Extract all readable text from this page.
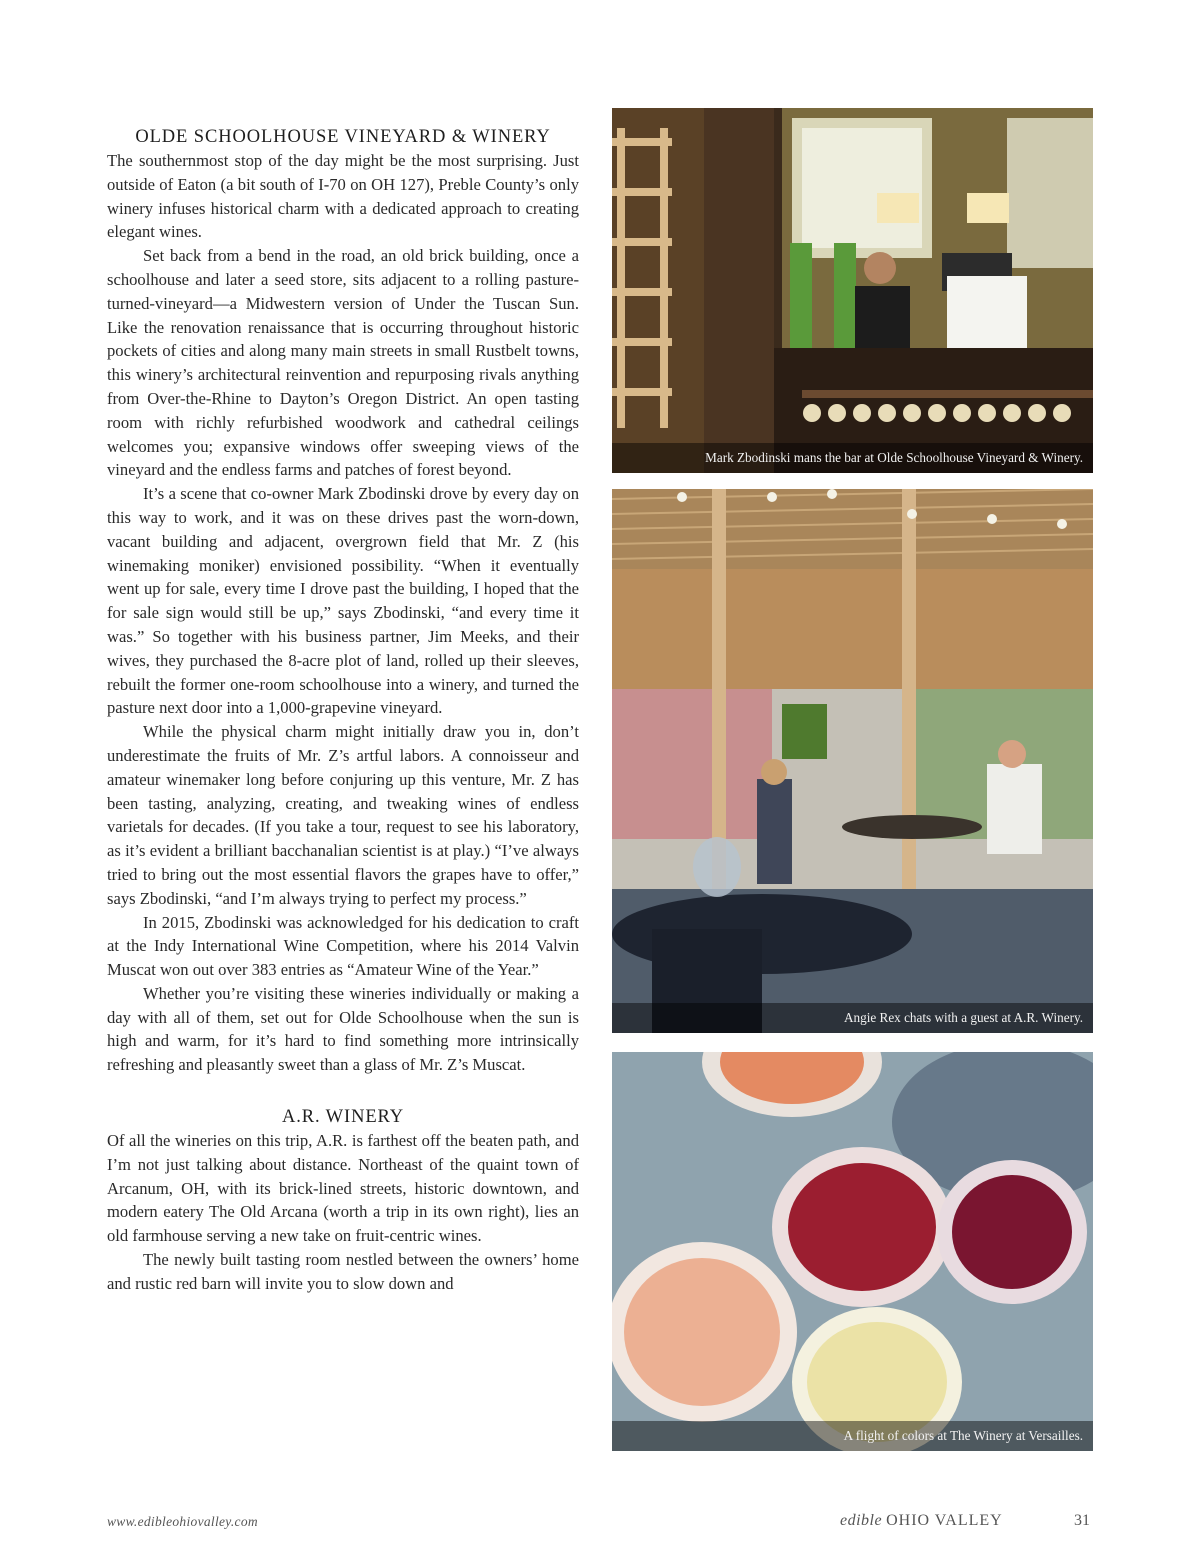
OLDE SCHOOLHOUSE VINEYARD & WINERY

The southernmost stop of the day might be the most surprising. Just outside of Eaton (a bit south of I-70 on OH 127), Preble County’s only winery infuses historical charm with a dedicated approach to creating elegant wines.

Set back from a bend in the road, an old brick building, once a schoolhouse and later a seed store, sits adjacent to a rolling pasture-turned-vineyard—a Midwestern version of Under the Tuscan Sun. Like the renovation renaissance that is occurring throughout historic pockets of cities and along many main streets in small Rustbelt towns, this winery’s architectural reinvention and repurposing rivals anything from Over-the-Rhine to Dayton’s Oregon District. An open tasting room with richly refurbished woodwork and cathedral ceilings welcomes you; expansive windows offer sweeping views of the vineyard and the endless farms and patches of forest beyond.

It’s a scene that co-owner Mark Zbodinski drove by every day on this way to work, and it was on these drives past the worn-down, vacant building and adjacent, overgrown field that Mr. Z (his winemaking moniker) envisioned possibility. “When it eventually went up for sale, every time I drove past the building, I hoped that the for sale sign would still be up,” says Zbodinski, “and every time it was.” So together with his business partner, Jim Meeks, and their wives, they purchased the 8-acre plot of land, rolled up their sleeves, rebuilt the former one-room schoolhouse into a winery, and turned the pasture next door into a 1,000-grapevine vineyard.

While the physical charm might initially draw you in, don’t underestimate the fruits of Mr. Z’s artful labors. A connoisseur and amateur winemaker long before conjuring up this venture, Mr. Z has been tasting, analyzing, creating, and tweaking wines of endless varietals for decades. (If you take a tour, request to see his laboratory, as it’s evident a brilliant bacchanalian scientist is at play.) “I’ve always tried to bring out the most essential flavors the grapes have to offer,” says Zbodinski, “and I’m always trying to perfect my process.”

In 2015, Zbodinski was acknowledged for his dedication to craft at the Indy International Wine Competition, where his 2014 Valvin Muscat won out over 383 entries as “Amateur Wine of the Year.”

Whether you’re visiting these wineries individually or making a day with all of them, set out for Olde Schoolhouse when the sun is high and warm, for it’s hard to find something more intrinsically refreshing and pleasantly sweet than a glass of Mr. Z’s Muscat.

A.R. WINERY

Of all the wineries on this trip, A.R. is farthest off the beaten path, and I’m not just talking about distance. Northeast of the quaint town of Arcanum, OH, with its brick-lined streets, historic downtown, and modern eatery The Old Arcana (worth a trip in its own right), lies an old farmhouse serving a new take on fruit-centric wines.

The newly built tasting room nestled between the owners’ home and rustic red barn will invite you to slow down and

Mark Zbodinski mans the bar at Olde Schoolhouse Vineyard & Winery.
Angie Rex chats with a guest at A.R. Winery.
A flight of colors at The Winery at Versailles.
www.edibleohiovalley.com	edible OHIO VALLEY	31
